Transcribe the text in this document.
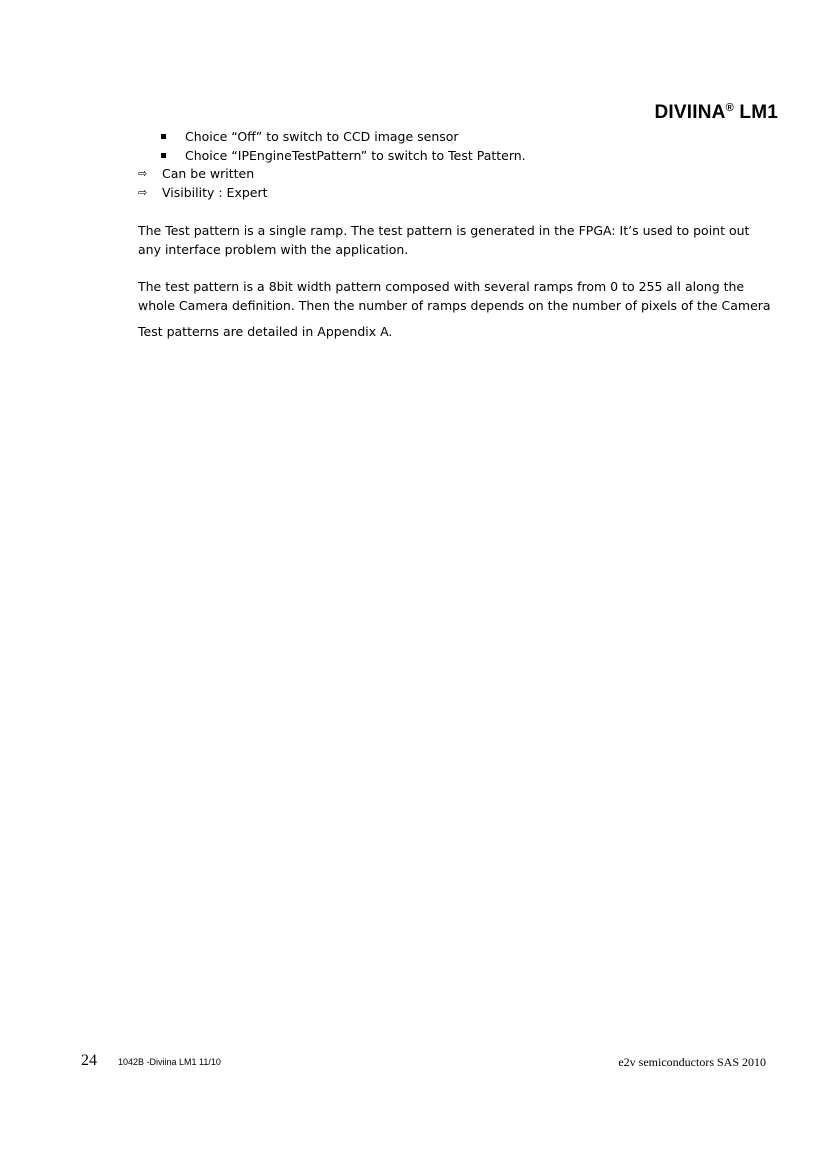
DIVIINA® LM1
Choice “Off” to switch to CCD image sensor
Choice “IPEngineTestPattern” to switch to Test Pattern.
⇨ Can be written
⇨ Visibility : Expert

The Test pattern is a single ramp. The test pattern is generated in the FPGA: It’s used to point out
any interface problem with the application.

The test pattern is a 8bit width pattern composed with several ramps from 0 to 255 all along the
whole Camera definition. Then the number of ramps depends on the number of pixels of the Camera

Test patterns are detailed in Appendix A.

24 1042B -Diviina LM1 11/10	e2v semiconductors SAS 2010
